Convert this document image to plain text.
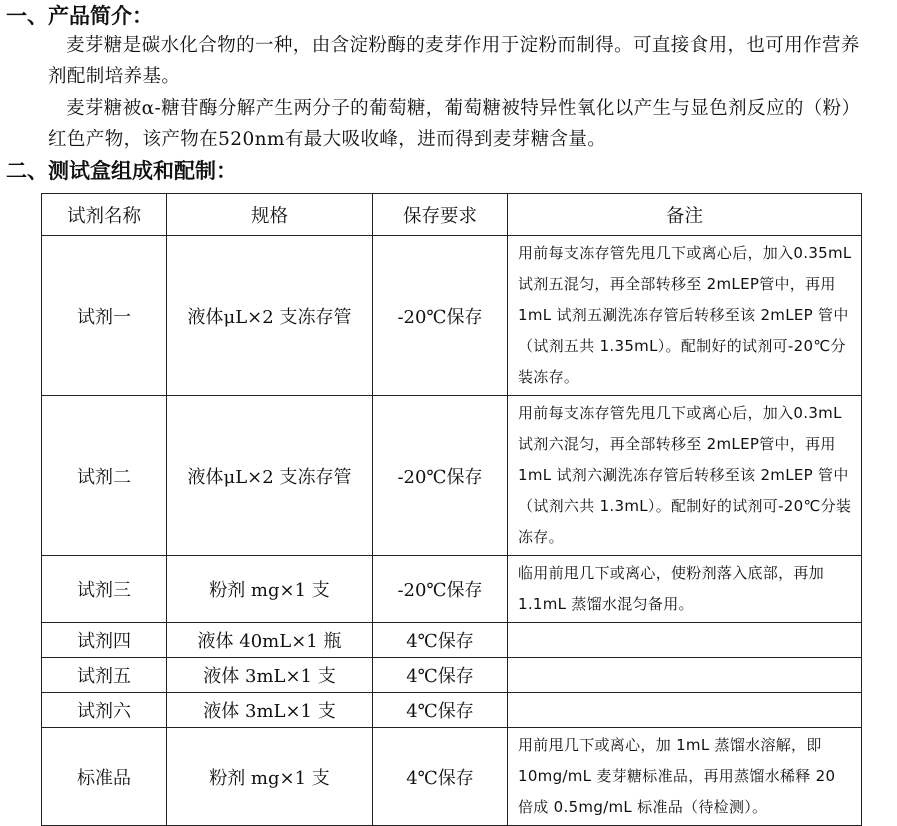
一、产品简介：
麦芽糖是碳水化合物的一种，由含淀粉酶的麦芽作用于淀粉而制得。可直接食用，也可用作营养剂配制培养基。
麦芽糖被α-糖苷酶分解产生两分子的葡萄糖，葡萄糖被特异性氧化以产生与显色剂反应的（粉）红色产物，该产物在520nm有最大吸收峰，进而得到麦芽糖含量。
二、测试盒组成和配制：
试剂名称	规格	保存要求	备注
试剂一	液体μL×2 支冻存管	-20℃保存	用前每支冻存管先甩几下或离心后，加入0.35mL 试剂五混匀，再全部转移至 2mLEP管中，再用 1mL 试剂五涮洗冻存管后转移至该 2mLEP 管中（试剂五共 1.35mL）。配制好的试剂可-20℃分装冻存。
试剂二	液体μL×2 支冻存管	-20℃保存	用前每支冻存管先甩几下或离心后，加入0.3mL 试剂六混匀，再全部转移至 2mLEP管中，再用 1mL 试剂六涮洗冻存管后转移至该 2mLEP 管中（试剂六共 1.3mL）。配制好的试剂可-20℃分装冻存。
试剂三	粉剂 mg×1 支	-20℃保存	临用前甩几下或离心，使粉剂落入底部，再加 1.1mL 蒸馏水混匀备用。
试剂四	液体 40mL×1 瓶	4℃保存	
试剂五	液体 3mL×1 支	4℃保存	
试剂六	液体 3mL×1 支	4℃保存	
标准品	粉剂 mg×1 支	4℃保存	用前甩几下或离心，加 1mL 蒸馏水溶解，即 10mg/mL 麦芽糖标准品，再用蒸馏水稀释 20 倍成 0.5mg/mL 标准品（待检测）。
